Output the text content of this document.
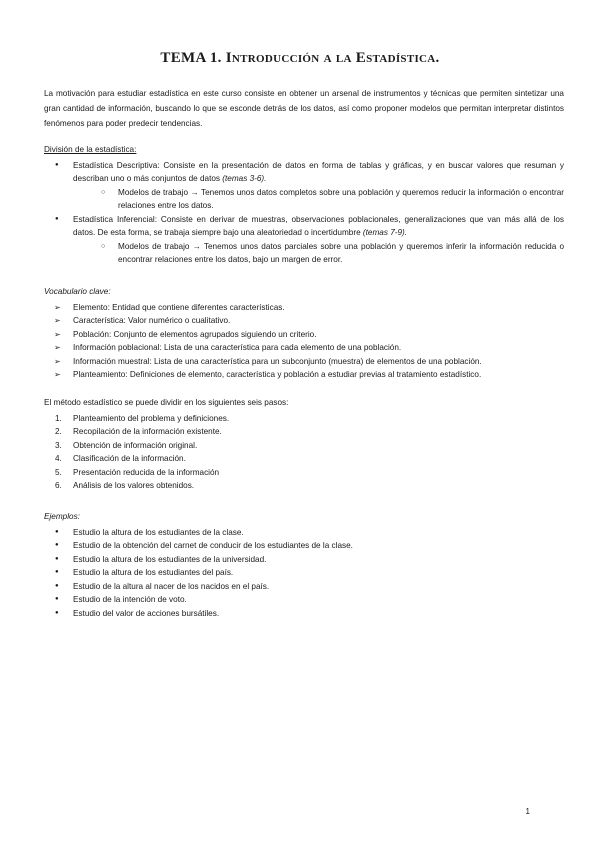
TEMA 1. Introducción a la Estadística.
La motivación para estudiar estadística en este curso consiste en obtener un arsenal de instrumentos y técnicas que permiten sintetizar una gran cantidad de información, buscando lo que se esconde detrás de los datos, así como proponer modelos que permitan interpretar distintos fenómenos para poder predecir tendencias.
División de la estadística:
● Estadística Descriptiva: Consiste en la presentación de datos en forma de tablas y gráficas, y en buscar valores que resuman y describan uno o más conjuntos de datos (temas 3-6).
○ Modelos de trabajo → Tenemos unos datos completos sobre una población y queremos reducir la información o encontrar relaciones entre los datos.
● Estadística Inferencial: Consiste en derivar de muestras, observaciones poblacionales, generalizaciones que van más allá de los datos. De esta forma, se trabaja siempre bajo una aleatoriedad o incertidumbre (temas 7-9).
○ Modelos de trabajo → Tenemos unos datos parciales sobre una población y queremos inferir la información reducida o encontrar relaciones entre los datos, bajo un margen de error.
Vocabulario clave:
➢ Elemento: Entidad que contiene diferentes características.
➢ Característica: Valor numérico o cualitativo.
➢ Población: Conjunto de elementos agrupados siguiendo un criterio.
➢ Información poblacional: Lista de una característica para cada elemento de una población.
➢ Información muestral: Lista de una característica para un subconjunto (muestra) de elementos de una población.
➢ Planteamiento: Definiciones de elemento, característica y población a estudiar previas al tratamiento estadístico.
El método estadístico se puede dividir en los siguientes seis pasos:
1. Planteamiento del problema y definiciones.
2. Recopilación de la información existente.
3. Obtención de información original.
4. Clasificación de la información.
5. Presentación reducida de la información
6. Análisis de los valores obtenidos.
Ejemplos:
● Estudio la altura de los estudiantes de la clase.
● Estudio de la obtención del carnet de conducir de los estudiantes de la clase.
● Estudio la altura de los estudiantes de la universidad.
● Estudio la altura de los estudiantes del país.
● Estudio de la altura al nacer de los nacidos en el país.
● Estudio de la intención de voto.
● Estudio del valor de acciones bursátiles.
1
